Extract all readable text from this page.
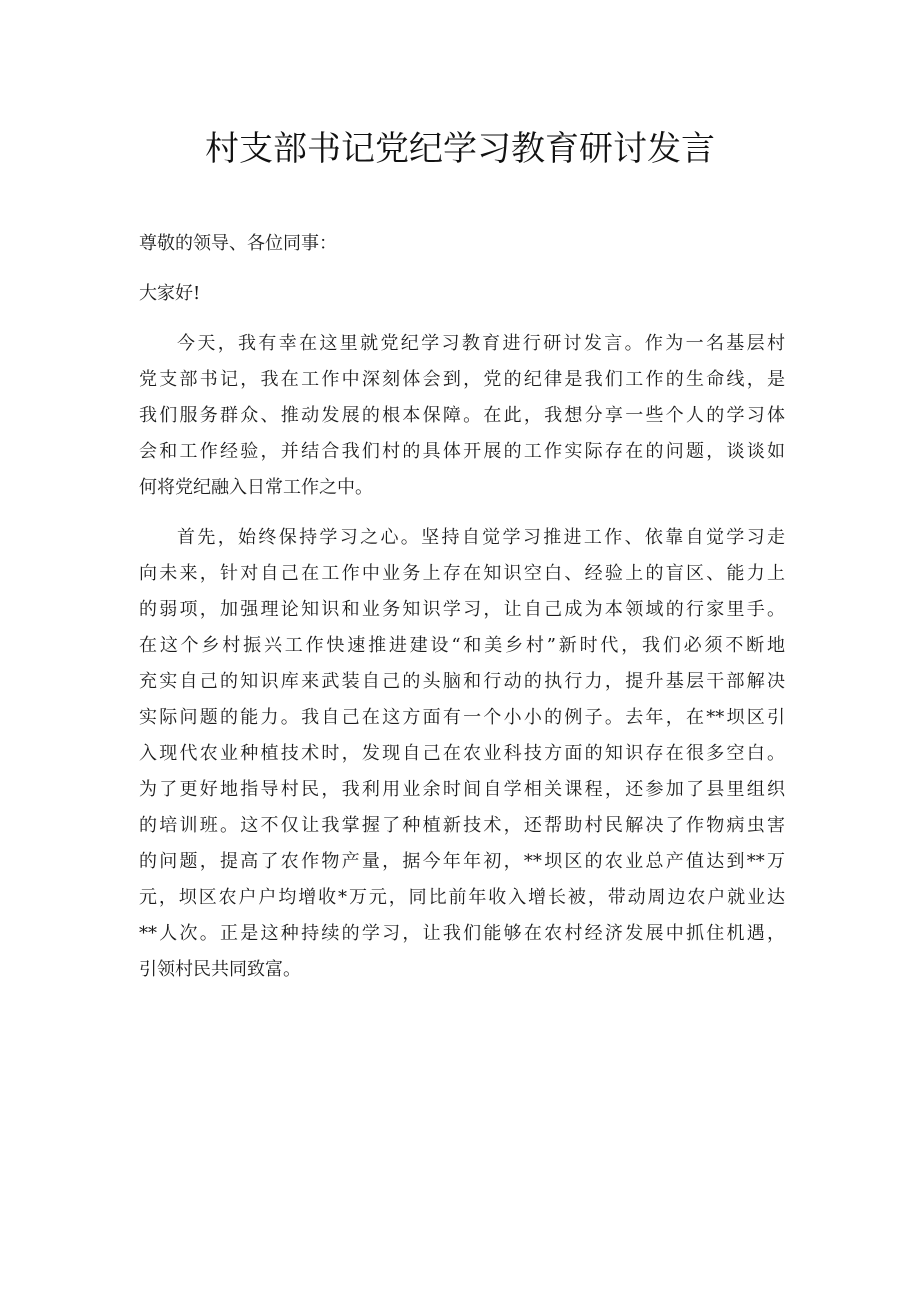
村支部书记党纪学习教育研讨发言
尊敬的领导、各位同事：
大家好!
今天，我有幸在这里就党纪学习教育进行研讨发言。作为一名基层村
党支部书记，我在工作中深刻体会到，党的纪律是我们工作的生命线，是
我们服务群众、推动发展的根本保障。在此，我想分享一些个人的学习体
会和工作经验，并结合我们村的具体开展的工作实际存在的问题，谈谈如
何将党纪融入日常工作之中。
首先，始终保持学习之心。坚持自觉学习推进工作、依靠自觉学习走
向未来，针对自己在工作中业务上存在知识空白、经验上的盲区、能力上
的弱项，加强理论知识和业务知识学习，让自己成为本领域的行家里手。
在这个乡村振兴工作快速推进建设“和美乡村”新时代，我们必须不断地
充实自己的知识库来武装自己的头脑和行动的执行力，提升基层干部解决
实际问题的能力。我自己在这方面有一个小小的例子。去年，在**坝区引
入现代农业种植技术时，发现自己在农业科技方面的知识存在很多空白。
为了更好地指导村民，我利用业余时间自学相关课程，还参加了县里组织
的培训班。这不仅让我掌握了种植新技术，还帮助村民解决了作物病虫害
的问题，提高了农作物产量，据今年年初，**坝区的农业总产值达到**万
元，坝区农户户均增收*万元，同比前年收入增长被，带动周边农户就业达
**人次。正是这种持续的学习，让我们能够在农村经济发展中抓住机遇，
引领村民共同致富。
